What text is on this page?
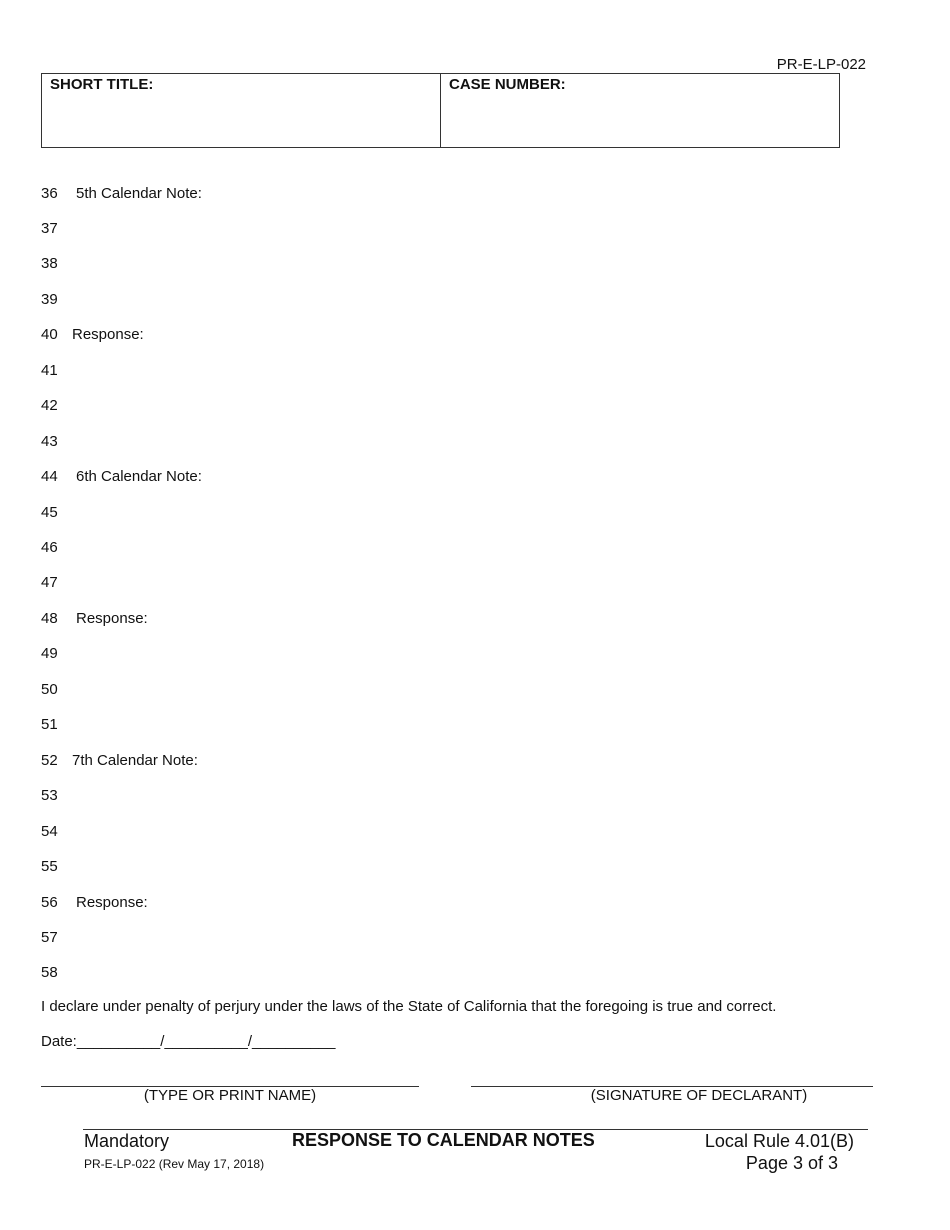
PR-E-LP-022
SHORT TITLE:	CASE NUMBER:
36	5th Calendar Note:
37
38
39
40 Response:
41
42
43
44	6th Calendar Note:
45
46
47
48	Response:
49
50
51
52 7th Calendar Note:
53
54
55
56	Response:
57
58
I declare under penalty of perjury under the laws of the State of California that the foregoing is true and correct.
Date:__________/__________/__________
(TYPE OR PRINT NAME)	(SIGNATURE OF DECLARANT)
Mandatory	RESPONSE TO CALENDAR NOTES	Local Rule 4.01(B)
PR-E-LP-022 (Rev May 17, 2018)	Page 3 of 3
